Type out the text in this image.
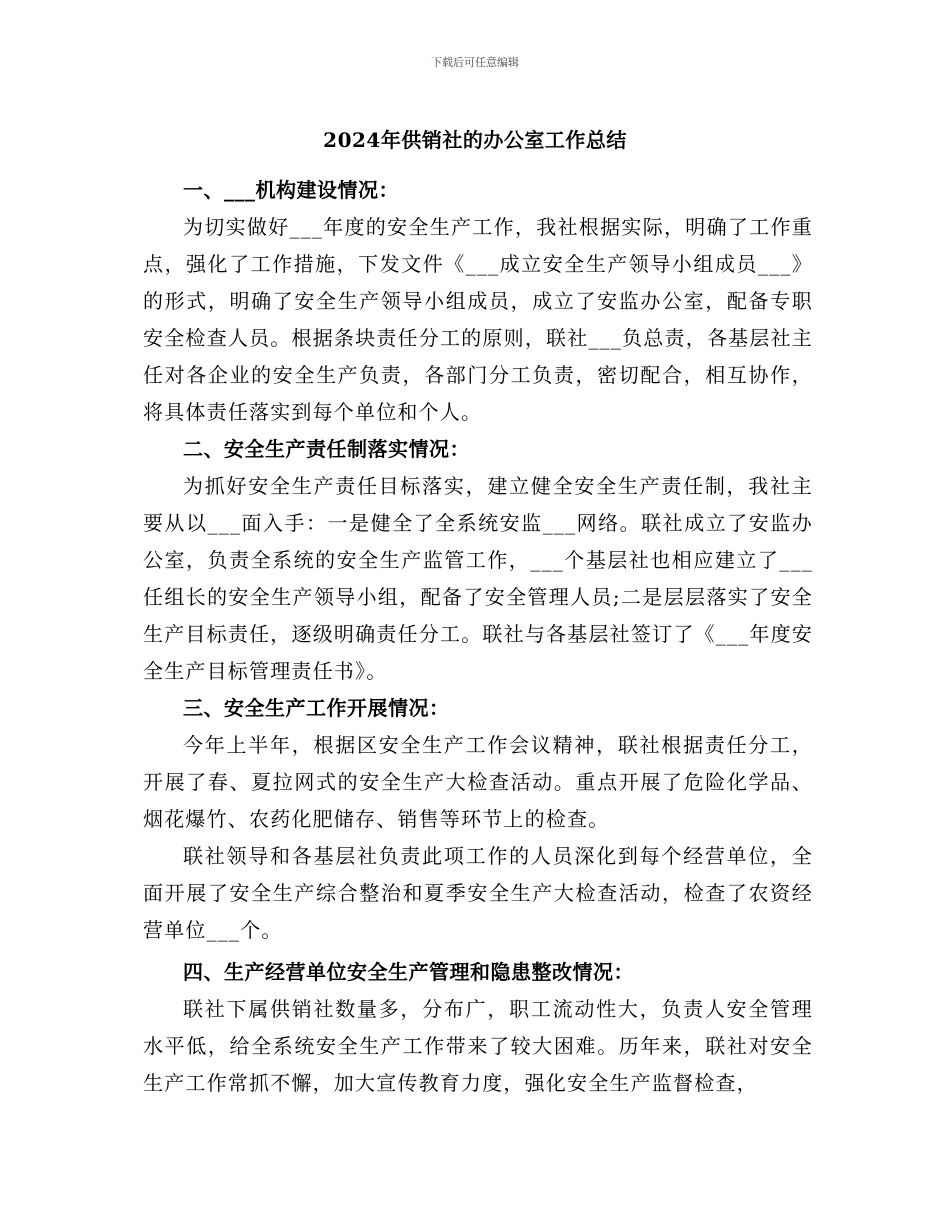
下载后可任意编辑
2024年供销社的办公室工作总结
一、___机构建设情况：

为切实做好___年度的安全生产工作，我社根据实际，明确了工作重点，强化了工作措施，下发文件《___成立安全生产领导小组成员___》的形式，明确了安全生产领导小组成员，成立了安监办公室，配备专职安全检查人员。根据条块责任分工的原则，联社___负总责，各基层社主任对各企业的安全生产负责，各部门分工负责，密切配合，相互协作，将具体责任落实到每个单位和个人。

二、安全生产责任制落实情况：

为抓好安全生产责任目标落实，建立健全安全生产责任制，我社主要从以___面入手：一是健全了全系统安监___网络。联社成立了安监办公室，负责全系统的安全生产监管工作，___个基层社也相应建立了___任组长的安全生产领导小组，配备了安全管理人员;二是层层落实了安全生产目标责任，逐级明确责任分工。联社与各基层社签订了《___年度安全生产目标管理责任书》。

三、安全生产工作开展情况：

今年上半年，根据区安全生产工作会议精神，联社根据责任分工，开展了春、夏拉网式的安全生产大检查活动。重点开展了危险化学品、烟花爆竹、农药化肥储存、销售等环节上的检查。

联社领导和各基层社负责此项工作的人员深化到每个经营单位，全面开展了安全生产综合整治和夏季安全生产大检查活动，检查了农资经营单位___个。

四、生产经营单位安全生产管理和隐患整改情况：

联社下属供销社数量多，分布广，职工流动性大，负责人安全管理水平低，给全系统安全生产工作带来了较大困难。历年来，联社对安全生产工作常抓不懈，加大宣传教育力度，强化安全生产监督检查，
